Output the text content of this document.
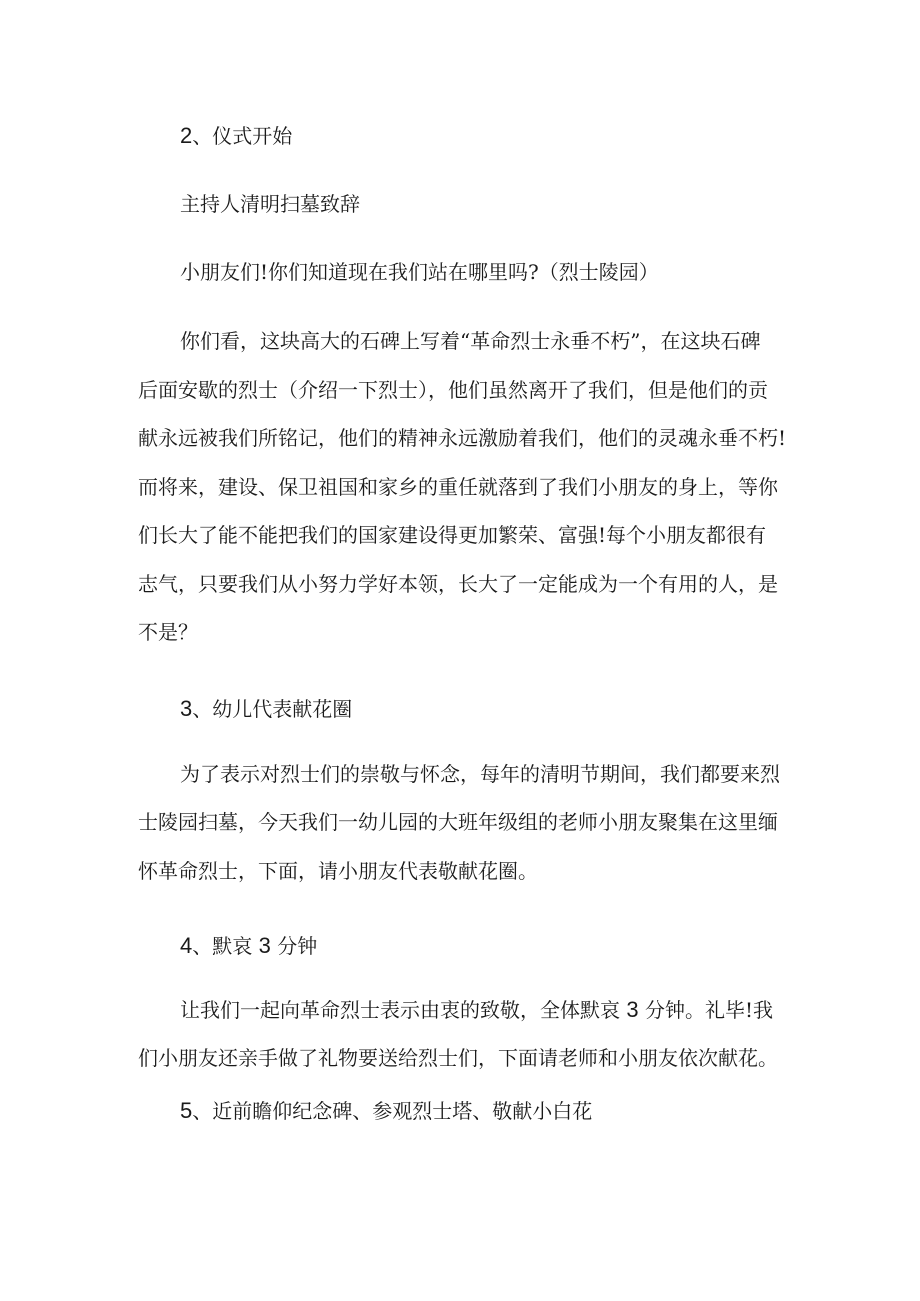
2、仪式开始
主持人清明扫墓致辞
小朋友们!你们知道现在我们站在哪里吗?（烈士陵园）
你们看，这块高大的石碑上写着“革命烈士永垂不朽”，在这块石碑
后面安歇的烈士（介绍一下烈士），他们虽然离开了我们，但是他们的贡
献永远被我们所铭记，他们的精神永远激励着我们，他们的灵魂永垂不朽!
而将来，建设、保卫祖国和家乡的重任就落到了我们小朋友的身上，等你
们长大了能不能把我们的国家建设得更加繁荣、富强!每个小朋友都很有
志气，只要我们从小努力学好本领，长大了一定能成为一个有用的人，是
不是？
3、幼儿代表献花圈
为了表示对烈士们的崇敬与怀念，每年的清明节期间，我们都要来烈
士陵园扫墓，今天我们一幼儿园的大班年级组的老师小朋友聚集在这里缅
怀革命烈士，下面，请小朋友代表敬献花圈。
4、默哀 3 分钟
让我们一起向革命烈士表示由衷的致敬，全体默哀 3 分钟。礼毕!我
们小朋友还亲手做了礼物要送给烈士们，下面请老师和小朋友依次献花。
5、近前瞻仰纪念碑、参观烈士塔、敬献小白花
